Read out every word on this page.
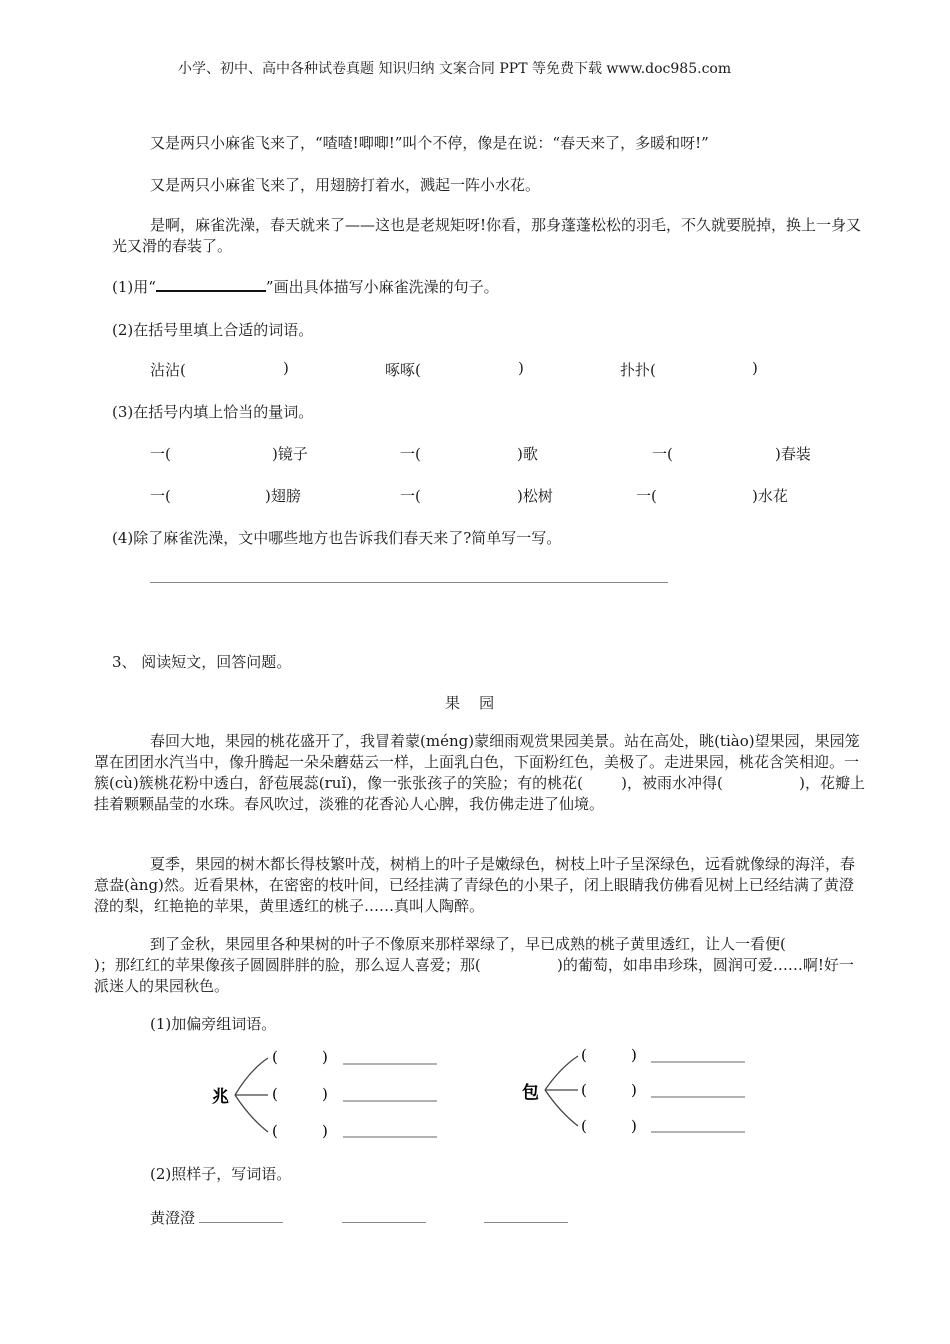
小学、初中、高中各种试卷真题 知识归纳 文案合同 PPT 等免费下载 www.doc985.com
又是两只小麻雀飞来了，“喳喳!唧唧!”叫个不停，像是在说：“春天来了，多暖和呀!”
又是两只小麻雀飞来了，用翅膀打着水，溅起一阵小水花。
是啊，麻雀洗澡，春天就来了——这也是老规矩呀!你看，那身蓬蓬松松的羽毛，不久就要脱掉，换上一身又光又滑的春装了。
(1)用“	”画出具体描写小麻雀洗澡的句子。
(2)在括号里填上合适的词语。
沾沾(	)	啄啄(	)	扑扑(	)
(3)在括号内填上恰当的量词。
一(	)镜子	一(	)歌	一(	)春装
一(	)翅膀	一(	)松树	一(	)水花
(4)除了麻雀洗澡，文中哪些地方也告诉我们春天来了?简单写一写。
3、 阅读短文，回答问题。
果    园
春回大地，果园的桃花盛开了，我冒着蒙(méng)蒙细雨观赏果园美景。站在高处，眺(tiào)望果园，果园笼罩在团团水汽当中，像升腾起一朵朵蘑菇云一样，上面乳白色，下面粉红色，美极了。走进果园，桃花含笑相迎。一簇(cù)簇桃花粉中透白，舒苞展蕊(ruǐ)，像一张张孩子的笑脸；有的桃花(        )，被雨水冲得(                )，花瓣上挂着颗颗晶莹的水珠。春风吹过，淡雅的花香沁人心脾，我仿佛走进了仙境。
夏季，果园的树木都长得枝繁叶茂，树梢上的叶子是嫩绿色，树枝上叶子呈深绿色，远看就像绿的海洋，春意盎(àng)然。近看果林，在密密的枝叶间，已经挂满了青绿色的小果子，闭上眼睛我仿佛看见树上已经结满了黄澄澄的梨，红艳艳的苹果，黄里透红的桃子……真叫人陶醉。
到了金秋，果园里各种果树的叶子不像原来那样翠绿了，早已成熟的桃子黄里透红，让人一看便(                )；那红红的苹果像孩子圆圆胖胖的脸，那么逗人喜爱；那(                )的葡萄，如串串珍珠，圆润可爱……啊!好一派迷人的果园秋色。
(1)加偏旁组词语。
兆
(	)
(	)
(	)
包
(	)
(	)
(	)
(2)照样子，写词语。
黄澄澄
